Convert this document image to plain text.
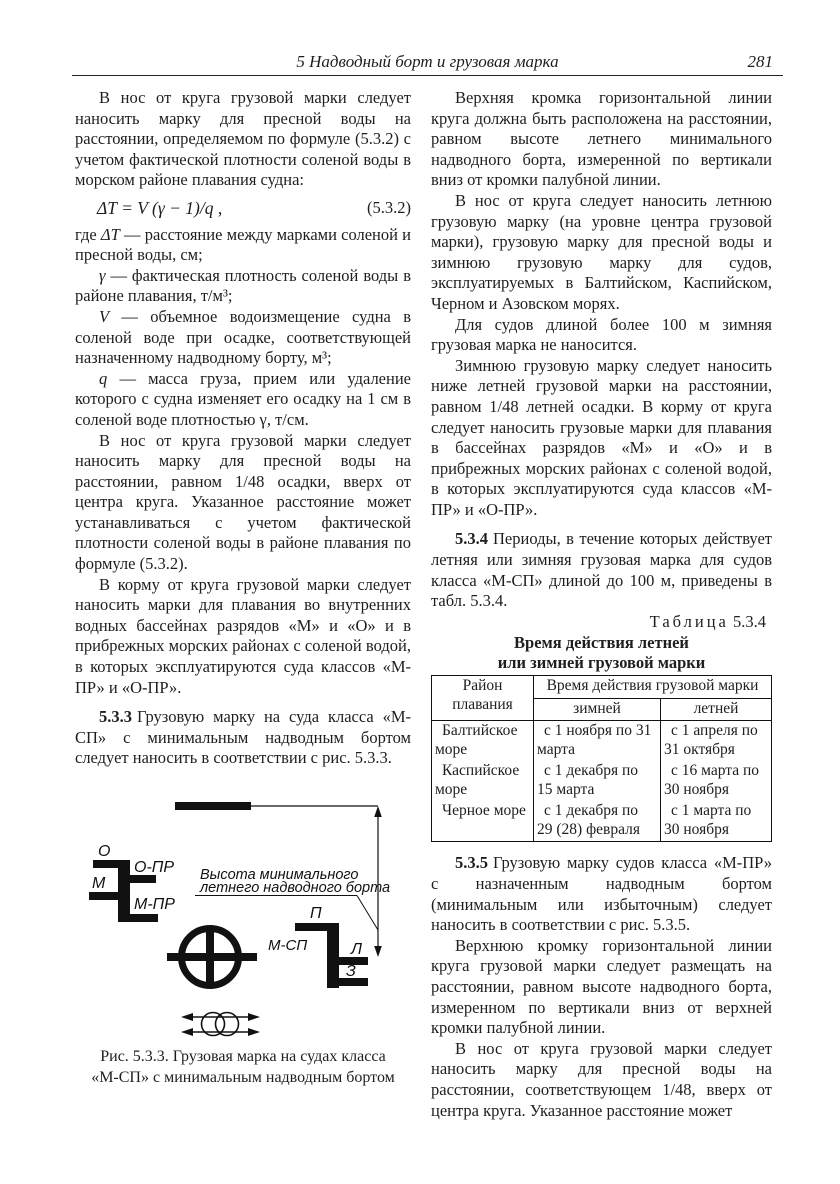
5 Надводный борт и грузовая марка	281

В нос от круга грузовой марки следует наносить марку для пресной воды на расстоянии, определяемом по формуле (5.3.2) с учетом фактической плотности соленой воды в морском районе плавания судна:

ΔT = V (γ − 1)/q ,	(5.3.2)

где ΔT — расстояние между марками соленой и пресной воды, см;

γ — фактическая плотность соленой воды в районе плавания, т/м³;

V — объемное водоизмещение судна в соленой воде при осадке, соответствующей назначенному надводному борту, м³;

q — масса груза, прием или удаление которого с судна изменяет его осадку на 1 см в соленой воде плотностью γ, т/см.

В нос от круга грузовой марки следует наносить марку для пресной воды на расстоянии, равном 1/48 осадки, вверх от центра круга. Указанное расстояние может устанавливаться с учетом фактической плотности соленой воды в районе плавания по формуле (5.3.2).

В корму от круга грузовой марки следует наносить марки для плавания во внутренних водных бассейнах разрядов «М» и «О» и в прибрежных морских районах с соленой водой, в которых эксплуатируются суда классов «М-ПР» и «О-ПР».

5.3.3 Грузовую марку на суда класса «М-СП» с минимальным надводным бортом следует наносить в соответствии с рис. 5.3.3.

О
О-ПР
М
М-ПР
М-СП
П
Л
З
Высота минимального
летнего надводного борта
Рис. 5.3.3. Грузовая марка на судах класса
«М-СП» с минимальным надводным бортом

Верхняя кромка горизонтальной линии круга должна быть расположена на расстоянии, равном высоте летнего минимального надводного борта, измеренной по вертикали вниз от кромки палубной линии.

В нос от круга следует наносить летнюю грузовую марку (на уровне центра грузовой марки), грузовую марку для пресной воды и зимнюю грузовую марку для судов, эксплуатируемых в Балтийском, Каспийском, Черном и Азовском морях.

Для судов длиной более 100 м зимняя грузовая марка не наносится.

Зимнюю грузовую марку следует наносить ниже летней грузовой марки на расстоянии, равном 1/48 летней осадки. В корму от круга следует наносить грузовые марки для плавания в бассейнах разрядов «М» и «О» и в прибрежных морских районах с соленой водой, в которых эксплуатируются суда классов «М-ПР» и «О-ПР».

5.3.4 Периоды, в течение которых действует летняя или зимняя грузовая марка для судов класса «М-СП» длиной до 100 м, приведены в табл. 5.3.4.

Таблица 5.3.4

Время действия летней
или зимней грузовой марки
Район плавания	Время действия грузовой марки	
	зимней	летней
Балтийское море	с 1 ноября по 31 марта	с 1 апреля по 31 октября
Каспийское море	с 1 декабря по 15 марта	с 16 марта по 30 ноября
Черное море	с 1 декабря по 29 (28) февраля	с 1 марта по 30 ноября

5.3.5 Грузовую марку судов класса «М-ПР» с назначенным надводным бортом (минимальным или избыточным) следует наносить в соответствии с рис. 5.3.5.

Верхнюю кромку горизонтальной линии круга грузовой марки следует размещать на расстоянии, равном высоте надводного борта, измеренном по вертикали вниз от верхней кромки палубной линии.

В нос от круга грузовой марки следует наносить марку для пресной воды на расстоянии, соответствующем 1/48, вверх от центра круга. Указанное расстояние может
